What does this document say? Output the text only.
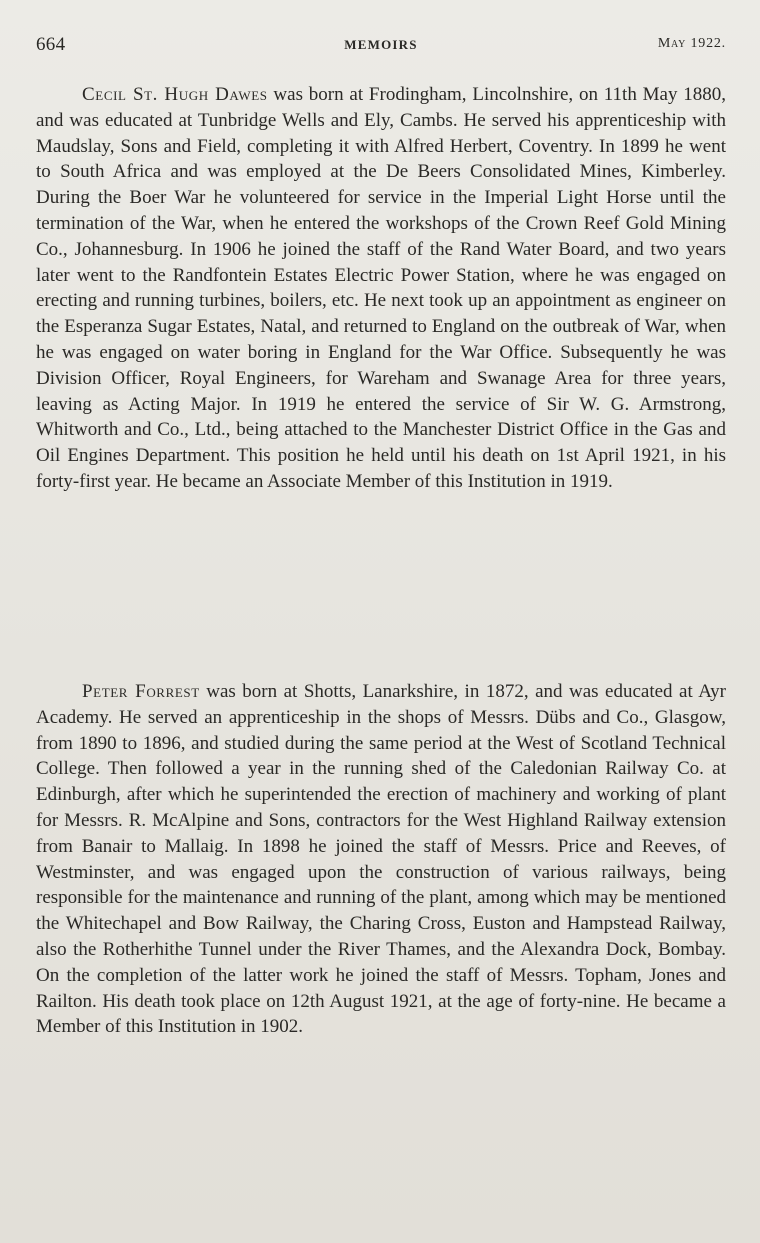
664	MEMOIRS	May 1922.

Cecil St. Hugh Dawes was born at Frodingham, Lincolnshire, on 11th May 1880, and was educated at Tunbridge Wells and Ely, Cambs. He served his apprenticeship with Maudslay, Sons and Field, completing it with Alfred Herbert, Coventry. In 1899 he went to South Africa and was employed at the De Beers Consolidated Mines, Kimberley. During the Boer War he volunteered for service in the Imperial Light Horse until the termination of the War, when he entered the workshops of the Crown Reef Gold Mining Co., Johannesburg. In 1906 he joined the staff of the Rand Water Board, and two years later went to the Randfontein Estates Electric Power Station, where he was engaged on erecting and running turbines, boilers, etc. He next took up an appointment as engineer on the Esperanza Sugar Estates, Natal, and returned to England on the outbreak of War, when he was engaged on water boring in England for the War Office. Subsequently he was Division Officer, Royal Engineers, for Wareham and Swanage Area for three years, leaving as Acting Major. In 1919 he entered the service of Sir W. G. Armstrong, Whitworth and Co., Ltd., being attached to the Manchester District Office in the Gas and Oil Engines Department. This position he held until his death on 1st April 1921, in his forty-first year. He became an Associate Member of this Institution in 1919.

Peter Forrest was born at Shotts, Lanarkshire, in 1872, and was educated at Ayr Academy. He served an apprenticeship in the shops of Messrs. Dübs and Co., Glasgow, from 1890 to 1896, and studied during the same period at the West of Scotland Technical College. Then followed a year in the running shed of the Caledonian Railway Co. at Edinburgh, after which he superintended the erection of machinery and working of plant for Messrs. R. McAlpine and Sons, contractors for the West Highland Railway extension from Banair to Mallaig. In 1898 he joined the staff of Messrs. Price and Reeves, of Westminster, and was engaged upon the construction of various railways, being responsible for the maintenance and running of the plant, among which may be mentioned the Whitechapel and Bow Railway, the Charing Cross, Euston and Hampstead Railway, also the Rotherhithe Tunnel under the River Thames, and the Alexandra Dock, Bombay. On the completion of the latter work he joined the staff of Messrs. Topham, Jones and Railton. His death took place on 12th August 1921, at the age of forty-nine. He became a Member of this Institution in 1902.
